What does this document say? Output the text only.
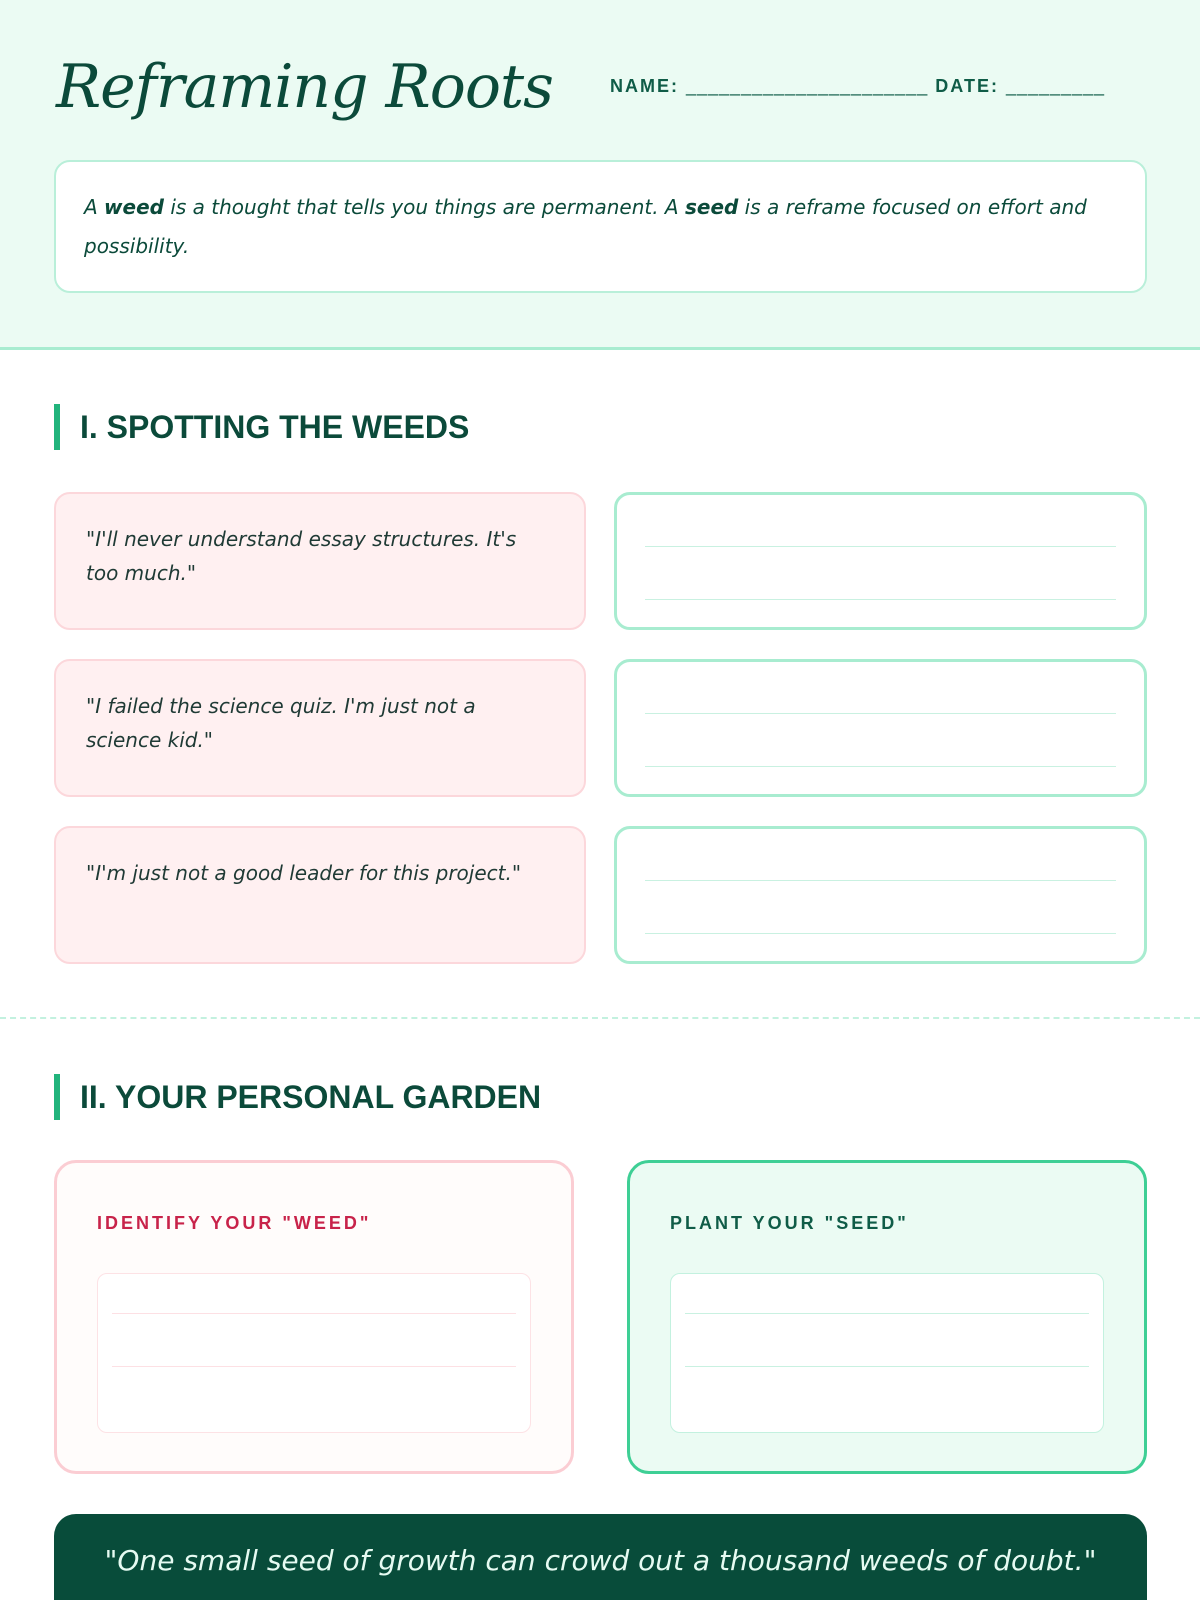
Reframing Roots	NAME: ______________________ DATE: _________
A weed is a thought that tells you things are permanent. A seed is a reframe focused on effort and possibility.
I. SPOTTING THE WEEDS
"I'll never understand essay structures. It's too much."
"I failed the science quiz. I'm just not a science kid."
"I'm just not a good leader for this project."
II. YOUR PERSONAL GARDEN
IDENTIFY YOUR "WEED"	PLANT YOUR "SEED"
"One small seed of growth can crowd out a thousand weeds of doubt."
